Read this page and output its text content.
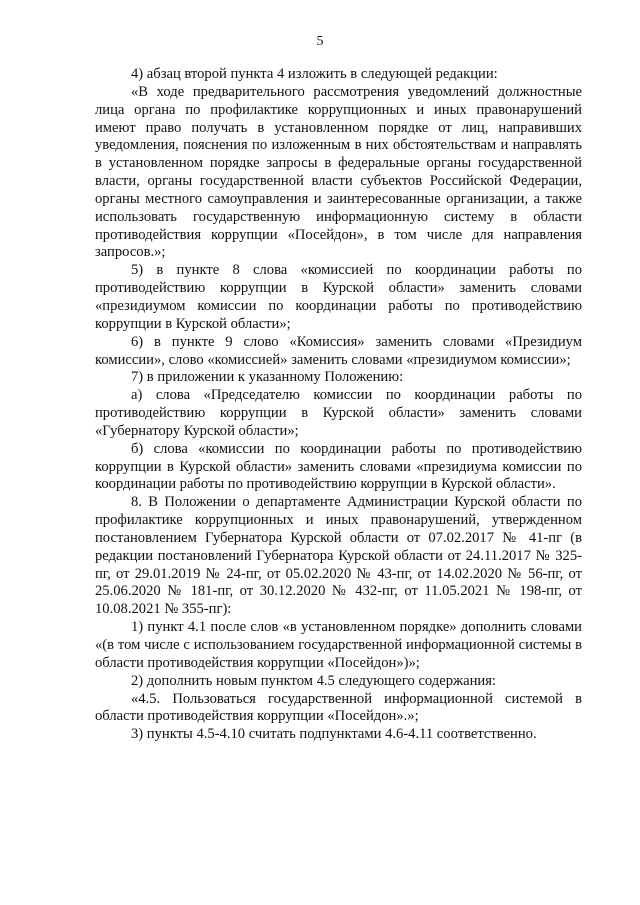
5

4) абзац второй пункта 4 изложить в следующей редакции:

«В ходе предварительного рассмотрения уведомлений должностные лица органа по профилактике коррупционных и иных правонарушений имеют право получать в установленном порядке от лиц, направивших уведомления, пояснения по изложенным в них обстоятельствам и направлять в установленном порядке запросы в федеральные органы государственной власти, органы государственной власти субъектов Российской Федерации, органы местного самоуправления и заинтересованные организации, а также использовать государственную информационную систему в области противодействия коррупции «Посейдон», в том числе для направления запросов.»;

5) в пункте 8 слова «комиссией по координации работы по противодействию коррупции в Курской области» заменить словами «президиумом комиссии по координации работы по противодействию коррупции в Курской области»;

6) в пункте 9 слово «Комиссия» заменить словами «Президиум комиссии», слово «комиссией» заменить словами «президиумом комиссии»;

7) в приложении к указанному Положению:

а) слова «Председателю комиссии по координации работы по противодействию коррупции в Курской области» заменить словами «Губернатору Курской области»;

б) слова «комиссии по координации работы по противодействию коррупции в Курской области» заменить словами «президиума комиссии по координации работы по противодействию коррупции в Курской области».

8. В Положении о департаменте Администрации Курской области по профилактике коррупционных и иных правонарушений, утвержденном постановлением Губернатора Курской области от 07.02.2017 № 41-пг (в редакции постановлений Губернатора Курской области от 24.11.2017 № 325-пг, от 29.01.2019 № 24-пг, от 05.02.2020 № 43-пг, от 14.02.2020 № 56-пг, от 25.06.2020 № 181-пг, от 30.12.2020 № 432-пг, от 11.05.2021 № 198-пг, от 10.08.2021 № 355-пг):

1) пункт 4.1 после слов «в установленном порядке» дополнить словами «(в том числе с использованием государственной информационной системы в области противодействия коррупции «Посейдон»)»;

2) дополнить новым пунктом 4.5 следующего содержания:

«4.5. Пользоваться государственной информационной системой в области противодействия коррупции «Посейдон».»;

3) пункты 4.5-4.10 считать подпунктами 4.6-4.11 соответственно.
